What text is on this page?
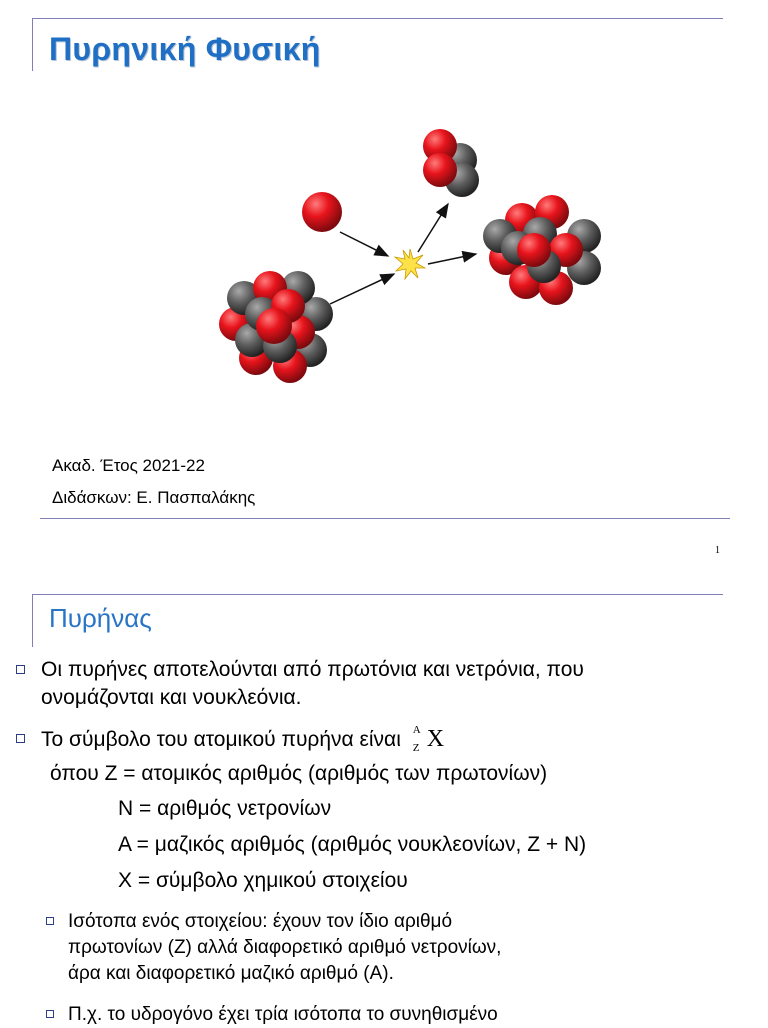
Πυρηνική Φυσική
Ακαδ. Έτος 2021-22
Διδάσκων: Ε. Πασπαλάκης
1
Πυρήνας
Οι πυρήνες αποτελούνται από πρωτόνια και νετρόνια, που
ονομάζονται και νουκλεόνια.
Το σύμβολο του ατομικού πυρήνα είναι A
Z X
όπου Z = ατομικός αριθμός (αριθμός των πρωτονίων)
N = αριθμός νετρονίων
A = μαζικός αριθμός (αριθμός νουκλεονίων, Z + N)
X = σύμβολο χημικού στοιχείου
Ισότοπα ενός στοιχείου: έχουν τον ίδιο αριθμό
πρωτονίων (Z) αλλά διαφορετικό αριθμό νετρονίων,
άρα και διαφορετικό μαζικό αριθμό (A).
Π.χ. το υδρογόνο έχει τρία ισότοπα το συνηθισμένο
